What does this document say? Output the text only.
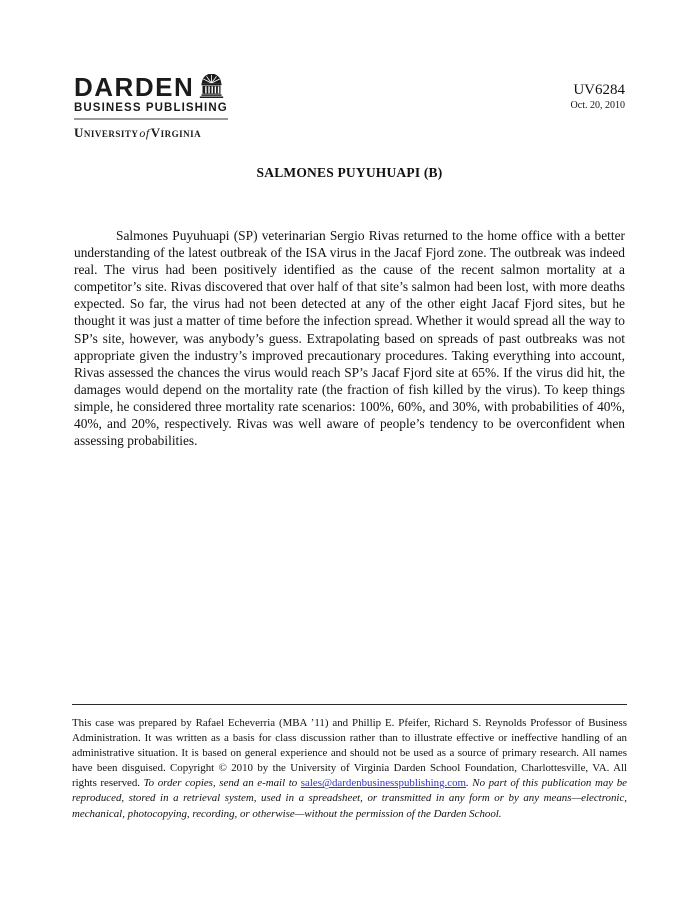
DARDEN
BUSINESS PUBLISHING
UniversityofVirginia
UV6284
Oct. 20, 2010
SALMONES PUYUHUAPI (B)

Salmones Puyuhuapi (SP) veterinarian Sergio Rivas returned to the home office with a better understanding of the latest outbreak of the ISA virus in the Jacaf Fjord zone. The outbreak was indeed real. The virus had been positively identified as the cause of the recent salmon mortality at a competitor’s site. Rivas discovered that over half of that site’s salmon had been lost, with more deaths expected. So far, the virus had not been detected at any of the other eight Jacaf Fjord sites, but he thought it was just a matter of time before the infection spread. Whether it would spread all the way to SP’s site, however, was anybody’s guess. Extrapolating based on spreads of past outbreaks was not appropriate given the industry’s improved precautionary procedures. Taking everything into account, Rivas assessed the chances the virus would reach SP’s Jacaf Fjord site at 65%. If the virus did hit, the damages would depend on the mortality rate (the fraction of fish killed by the virus). To keep things simple, he considered three mortality rate scenarios: 100%, 60%, and 30%, with probabilities of 40%, 40%, and 20%, respectively. Rivas was well aware of people’s tendency to be overconfident when assessing probabilities.

This case was prepared by Rafael Echeverria (MBA ’11) and Phillip E. Pfeifer, Richard S. Reynolds Professor of Business Administration. It was written as a basis for class discussion rather than to illustrate effective or ineffective handling of an administrative situation. It is based on general experience and should not be used as a source of primary research. All names have been disguised. Copyright © 2010 by the University of Virginia Darden School Foundation, Charlottesville, VA. All rights reserved. To order copies, send an e-mail to sales@dardenbusinesspublishing.com. No part of this publication may be reproduced, stored in a retrieval system, used in a spreadsheet, or transmitted in any form or by any means—electronic, mechanical, photocopying, recording, or otherwise—without the permission of the Darden School.
